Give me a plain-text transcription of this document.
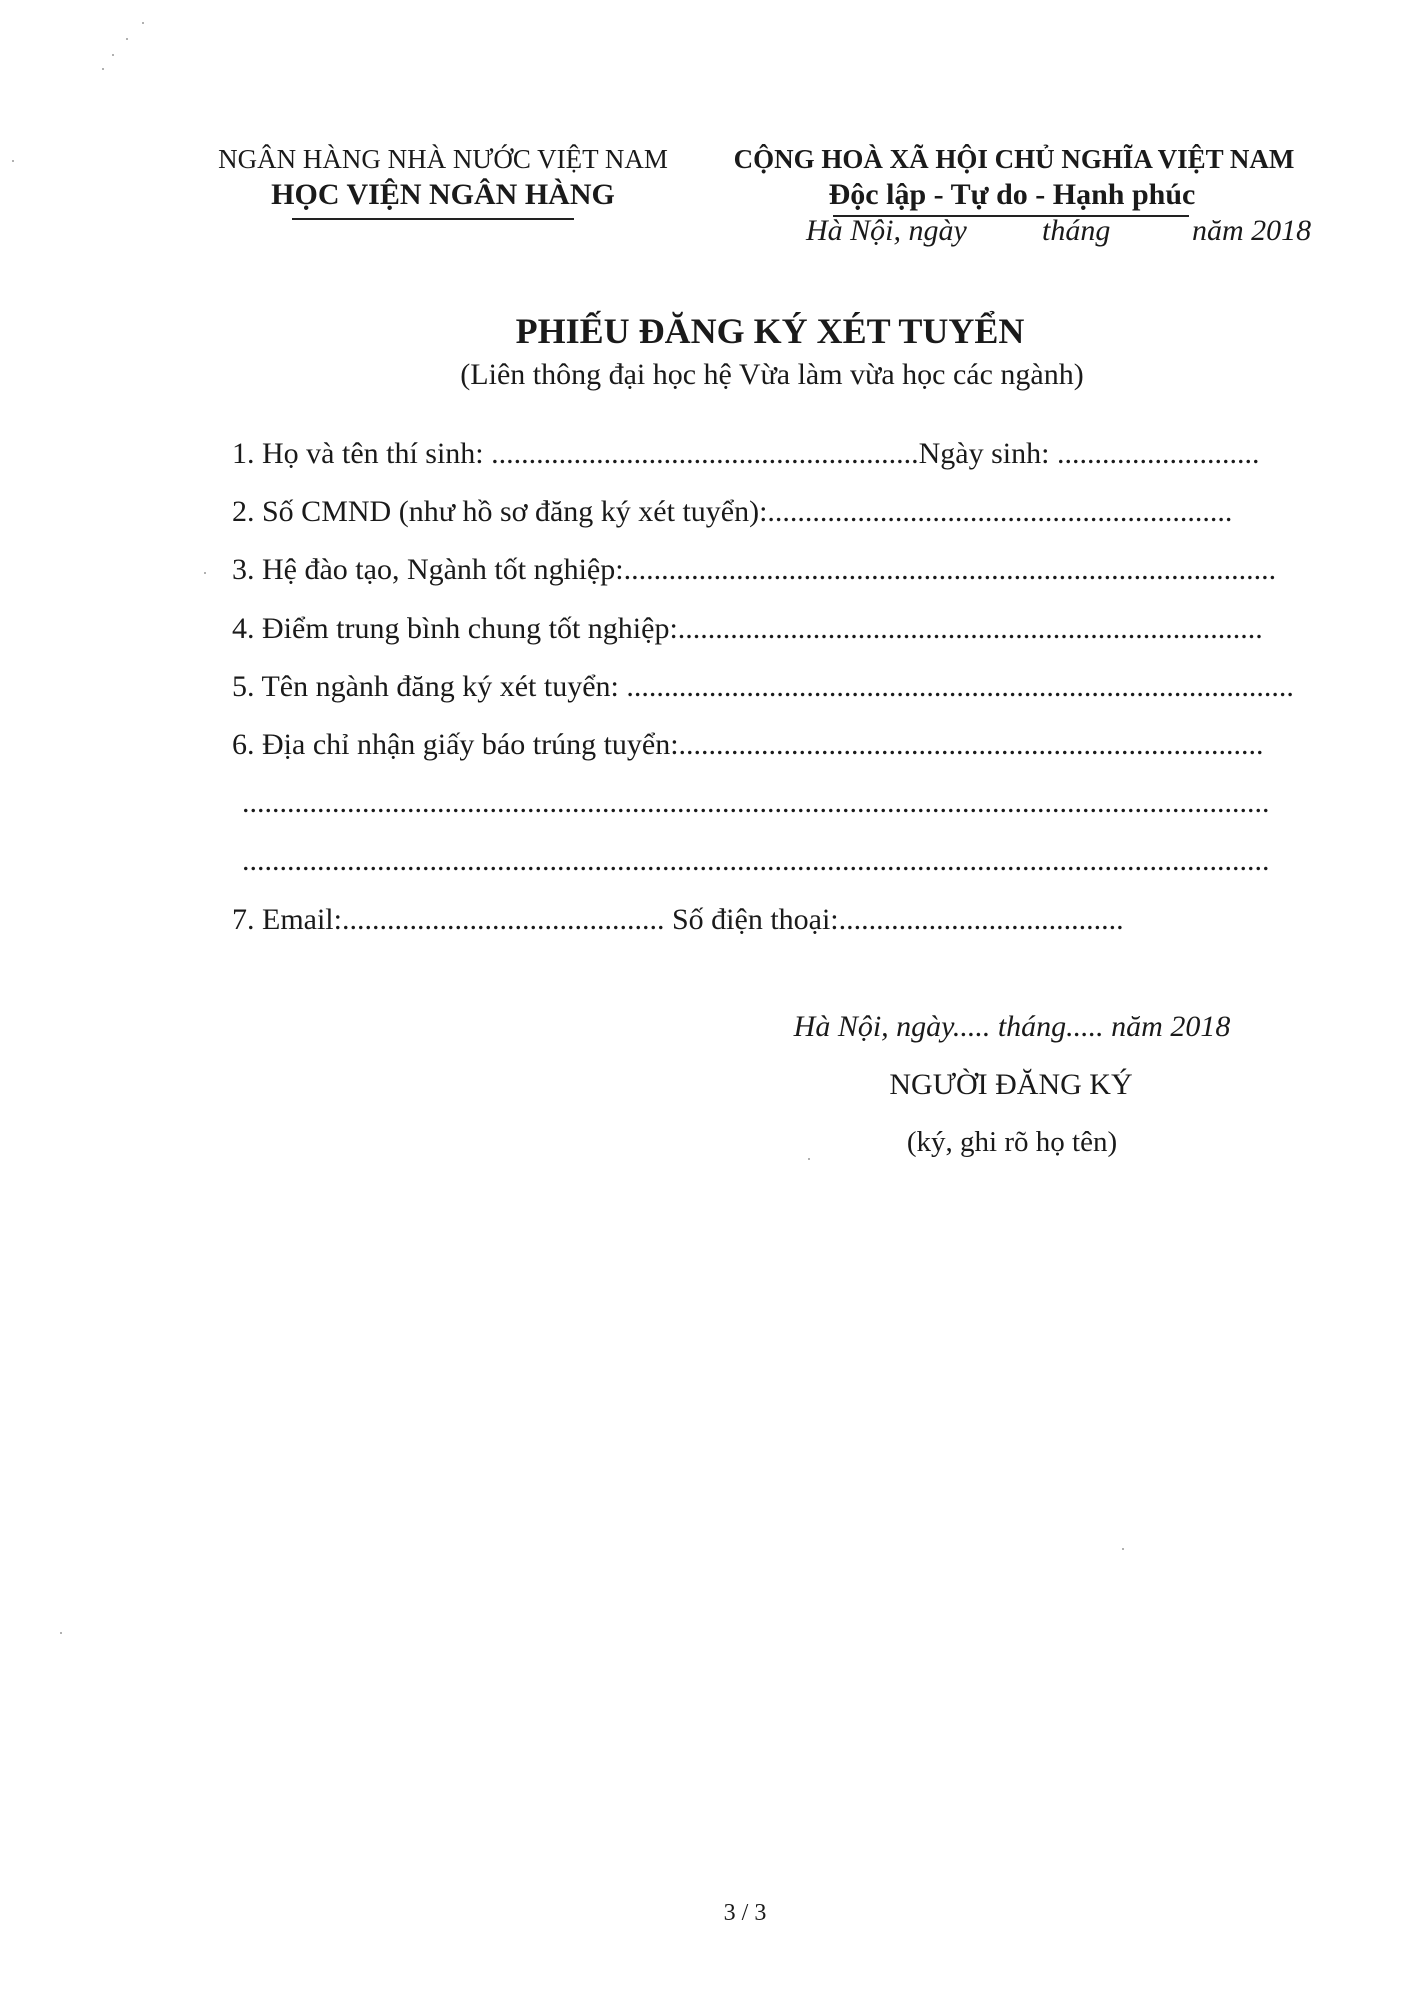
NGÂN HÀNG NHÀ NƯỚC VIỆT NAM
HỌC VIỆN NGÂN HÀNG
CỘNG HOÀ XÃ HỘI CHỦ NGHĨA VIỆT NAM
Độc lập - Tự do - Hạnh phúc
Hà Nội, ngày	tháng	năm 2018
PHIẾU ĐĂNG KÝ XÉT TUYỂN
(Liên thông đại học hệ Vừa làm vừa học các ngành)
1. Họ và tên thí sinh: .........................................................Ngày sinh: ...........................
2. Số CMND (như hồ sơ đăng ký xét tuyển):..............................................................
3. Hệ đào tạo, Ngành tốt nghiệp:.......................................................................................
4. Điểm trung bình chung tốt nghiệp:..............................................................................
5. Tên ngành đăng ký xét tuyển: .........................................................................................
6. Địa chỉ nhận giấy báo trúng tuyển:..............................................................................
.........................................................................................................................................
.........................................................................................................................................
7. Email:........................................... Số điện thoại:......................................
Hà Nội, ngày..... tháng..... năm 2018
NGƯỜI ĐĂNG KÝ
(ký, ghi rõ họ tên)
3 / 3
